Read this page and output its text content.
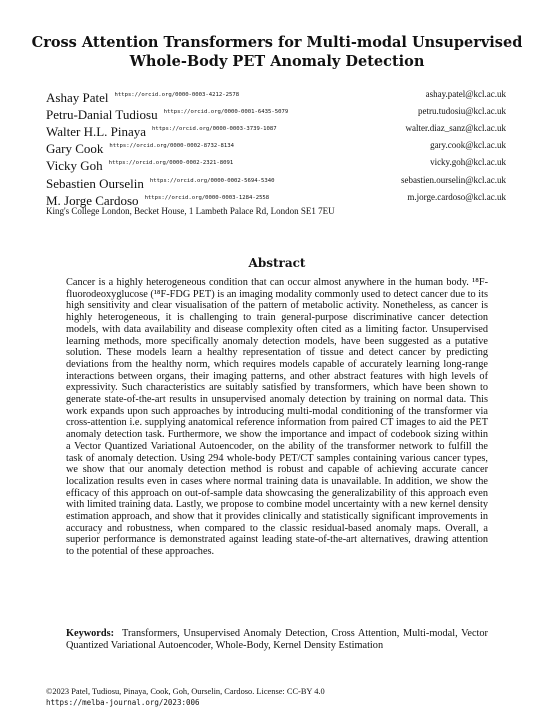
Cross Attention Transformers for Multi-modal Unsupervised
Whole-Body PET Anomaly Detection
Ashay Patel $^{https://orcid.org/0000-0003-4212-2578}$	ashay.patel@kcl.ac.uk
Petru-Danial Tudiosu $^{https://orcid.org/0000-0001-6435-5079}$	petru.tudosiu@kcl.ac.uk
Walter H.L. Pinaya $^{https://orcid.org/0000-0003-3739-1087}$	walter.diaz_sanz@kcl.ac.uk
Gary Cook $^{https://orcid.org/0000-0002-8732-8134}$	gary.cook@kcl.ac.uk
Vicky Goh $^{https://orcid.org/0000-0002-2321-8091}$	vicky.goh@kcl.ac.uk
Sebastien Ourselin $^{https://orcid.org/0000-0002-5694-5340}$	sebastien.ourselin@kcl.ac.uk
M. Jorge Cardoso $^{https://orcid.org/0000-0003-1284-2558}$	m.jorge.cardoso@kcl.ac.uk
King's College London, Becket House, 1 Lambeth Palace Rd, London SE1 7EU
Abstract
Cancer is a highly heterogeneous condition that can occur almost anywhere in the human body. ¹⁸F-fluorodeoxyglucose (¹⁸F-FDG PET) is an imaging modality commonly used to detect cancer due to its high sensitivity and clear visualisation of the pattern of metabolic activity. Nonetheless, as cancer is highly heterogeneous, it is challenging to train general-purpose discriminative cancer detection models, with data availability and disease complexity often cited as a limiting factor. Unsupervised learning methods, more specifically anomaly detection models, have been suggested as a putative solution. These models learn a healthy representation of tissue and detect cancer by predicting deviations from the healthy norm, which requires models capable of accurately learning long-range interactions between organs, their imaging patterns, and other abstract features with high levels of expressivity. Such characteristics are suitably satisfied by transformers, which have been shown to generate state-of-the-art results in unsupervised anomaly detection by training on normal data. This work expands upon such approaches by introducing multi-modal conditioning of the transformer via cross-attention i.e. supplying anatomical reference information from paired CT images to aid the PET anomaly detection task. Furthermore, we show the importance and impact of codebook sizing within a Vector Quantized Variational Autoencoder, on the ability of the transformer network to fulfill the task of anomaly detection. Using 294 whole-body PET/CT samples containing various cancer types, we show that our anomaly detection method is robust and capable of achieving accurate cancer localization results even in cases where normal training data is unavailable. In addition, we show the efficacy of this approach on out-of-sample data showcasing the generalizability of this approach even with limited training data. Lastly, we propose to combine model uncertainty with a new kernel density estimation approach, and show that it provides clinically and statistically significant improvements in accuracy and robustness, when compared to the classic residual-based anomaly maps. Overall, a superior performance is demonstrated against leading state-of-the-art alternatives, drawing attention to the potential of these approaches.
Keywords: Transformers, Unsupervised Anomaly Detection, Cross Attention, Multi-modal, Vector Quantized Variational Autoencoder, Whole-Body, Kernel Density Estimation
©2023 Patel, Tudiosu, Pinaya, Cook, Goh, Ourselin, Cardoso. License: CC-BY 4.0
https://melba-journal.org/2023:006
